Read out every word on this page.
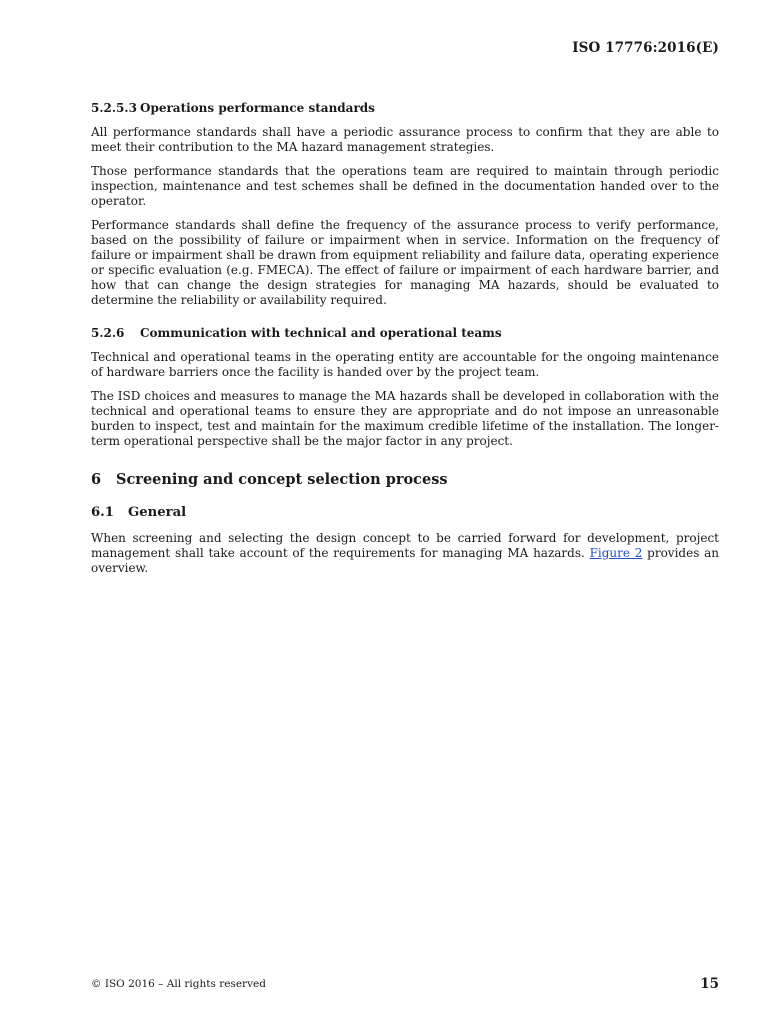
ISO 17776:2016(E)
5.2.5.3 Operations performance standards

All performance standards shall have a periodic assurance process to confirm that they are able to meet their contribution to the MA hazard management strategies.

Those performance standards that the operations team are required to maintain through periodic inspection, maintenance and test schemes shall be defined in the documentation handed over to the operator.

Performance standards shall define the frequency of the assurance process to verify performance, based on the possibility of failure or impairment when in service. Information on the frequency of failure or impairment shall be drawn from equipment reliability and failure data, operating experience or specific evaluation (e.g. FMECA). The effect of failure or impairment of each hardware barrier, and how that can change the design strategies for managing MA hazards, should be evaluated to determine the reliability or availability required.

5.2.6 Communication with technical and operational teams

Technical and operational teams in the operating entity are accountable for the ongoing maintenance of hardware barriers once the facility is handed over by the project team.

The ISD choices and measures to manage the MA hazards shall be developed in collaboration with the technical and operational teams to ensure they are appropriate and do not impose an unreasonable burden to inspect, test and maintain for the maximum credible lifetime of the installation. The longer-term operational perspective shall be the major factor in any project.

6 Screening and concept selection process
6.1 General

When screening and selecting the design concept to be carried forward for development, project management shall take account of the requirements for managing MA hazards. Figure 2 provides an overview.

© ISO 2016 – All rights reserved	15
